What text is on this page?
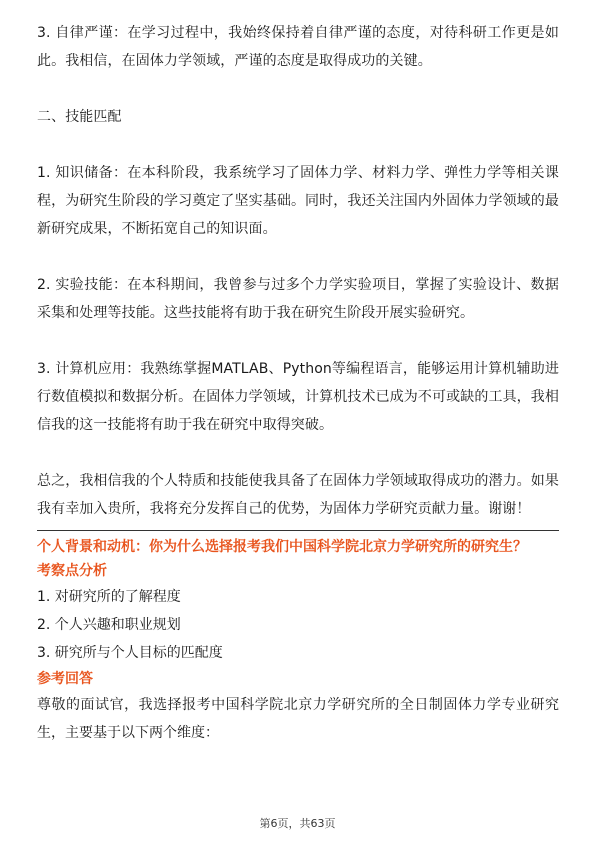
3. 自律严谨：在学习过程中，我始终保持着自律严谨的态度，对待科研工作更是如此。我相信，在固体力学领域，严谨的态度是取得成功的关键。

二、技能匹配

1. 知识储备：在本科阶段，我系统学习了固体力学、材料力学、弹性力学等相关课程，为研究生阶段的学习奠定了坚实基础。同时，我还关注国内外固体力学领域的最新研究成果，不断拓宽自己的知识面。

2. 实验技能：在本科期间，我曾参与过多个力学实验项目，掌握了实验设计、数据采集和处理等技能。这些技能将有助于我在研究生阶段开展实验研究。

3. 计算机应用：我熟练掌握MATLAB、Python等编程语言，能够运用计算机辅助进行数值模拟和数据分析。在固体力学领域，计算机技术已成为不可或缺的工具，我相信我的这一技能将有助于我在研究中取得突破。

总之，我相信我的个人特质和技能使我具备了在固体力学领域取得成功的潜力。如果我有幸加入贵所，我将充分发挥自己的优势，为固体力学研究贡献力量。谢谢！

个人背景和动机：你为什么选择报考我们中国科学院北京力学研究所的研究生？

考察点分析

1. 对研究所的了解程度

2. 个人兴趣和职业规划

3. 研究所与个人目标的匹配度

参考回答

尊敬的面试官，我选择报考中国科学院北京力学研究所的全日制固体力学专业研究生，主要基于以下两个维度：

第6页，共63页
